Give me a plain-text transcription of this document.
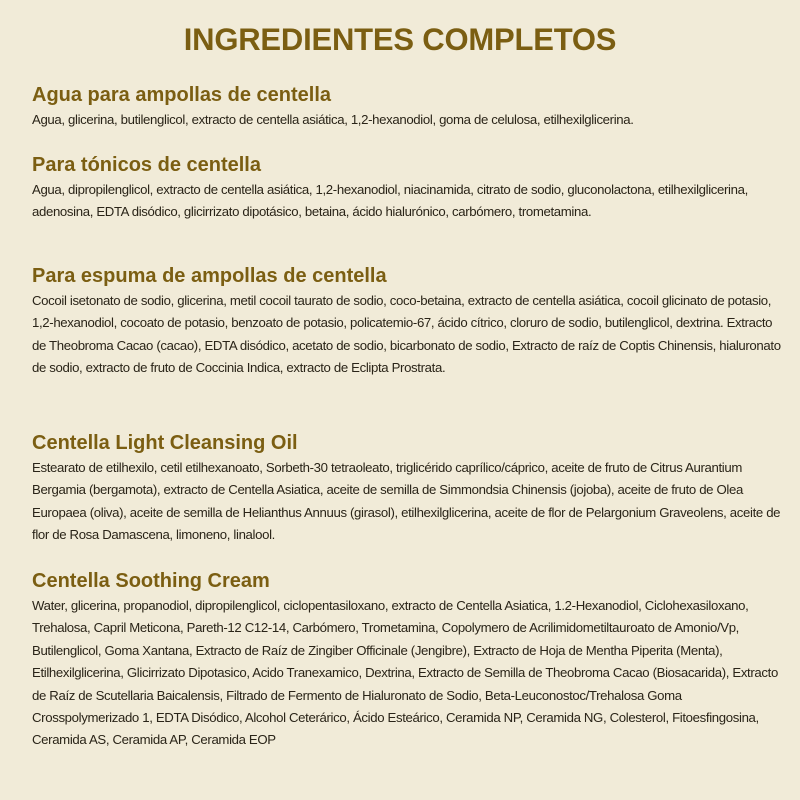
INGREDIENTES COMPLETOS
Agua para ampollas de centella

Agua, glicerina, butilenglicol, extracto de centella asiática, 1,2-hexanodiol, goma de celulosa, etilhexilglicerina.

Para tónicos de centella

Agua, dipropilenglicol, extracto de centella asiática, 1,2-hexanodiol, niacinamida, citrato de sodio, gluconolactona, etilhexilglicerina, adenosina, EDTA disódico, glicirrizato dipotásico, betaina, ácido hialurónico, carbómero, trometamina.

Para espuma de ampollas de centella

Cocoil isetonato de sodio, glicerina, metil cocoil taurato de sodio, coco-betaina, extracto de centella asiática, cocoil glicinato de potasio, 1,2-hexanodiol, cocoato de potasio, benzoato de potasio, policatemio-67, ácido cítrico, cloruro de sodio, butilenglicol, dextrina. Extracto de Theobroma Cacao (cacao), EDTA disódico, acetato de sodio, bicarbonato de sodio, Extracto de raíz de Coptis Chinensis, hialuronato de sodio, extracto de fruto de Coccinia Indica, extracto de Eclipta Prostrata.

Centella Light Cleansing Oil

Estearato de etilhexilo, cetil etilhexanoato, Sorbeth-30 tetraoleato, triglicérido caprílico/cáprico, aceite de fruto de Citrus Aurantium Bergamia (bergamota), extracto de Centella Asiatica, aceite de semilla de Simmondsia Chinensis (jojoba), aceite de fruto de Olea Europaea (oliva), aceite de semilla de Helianthus Annuus (girasol), etilhexilglicerina, aceite de flor de Pelargonium Graveolens, aceite de flor de Rosa Damascena, limoneno, linalool.

Centella Soothing Cream

Water, glicerina, propanodiol, dipropilenglicol, ciclopentasiloxano, extracto de Centella Asiatica, 1.2-Hexanodiol, Ciclohexasiloxano, Trehalosa, Capril Meticona, Pareth-12 C12-14, Carbómero, Trometamina, Copolymero de Acrilimidometiltauroato de Amonio/Vp, Butilenglicol, Goma Xantana, Extracto de Raíz de Zingiber Officinale (Jengibre), Extracto de Hoja de Mentha Piperita (Menta), Etilhexilglicerina, Glicirrizato Dipotasico, Acido Tranexamico, Dextrina, Extracto de Semilla de Theobroma Cacao (Biosacarida), Extracto de Raíz de Scutellaria Baicalensis, Filtrado de Fermento de Hialuronato de Sodio, Beta-Leuconostoc/Trehalosa Goma Crosspolymerizado 1, EDTA Disódico, Alcohol Ceterárico, Ácido Esteárico, Ceramida NP, Ceramida NG, Colesterol, Fitoesfingosina, Ceramida AS, Ceramida AP, Ceramida EOP
